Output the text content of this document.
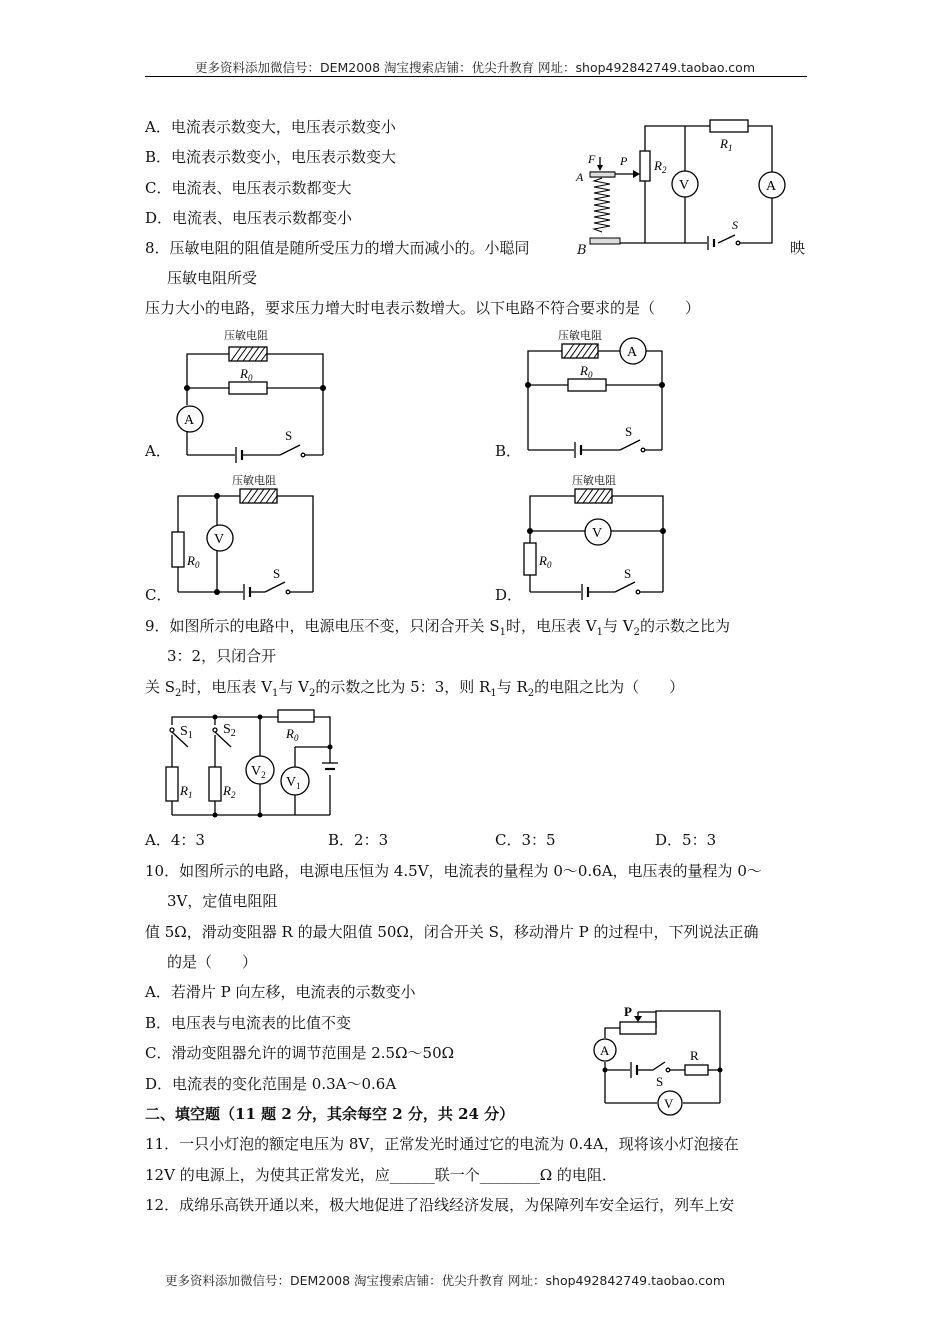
更多资料添加微信号：DEM2008 淘宝搜索店铺：优尖升教育 网址：shop492842749.taobao.com
A．电流表示数变大，电压表示数变小
B．电流表示数变小，电压表示数变大
C．电流表、电压表示数都变大
D．电流表、电压表示数都变小	S
$R_1$
$R_2$
V	A
F P
A
8．压敏电阻的阻值是随所受压力的增大而减小的。小聪同	映
B
压敏电阻所受
压力大小的电路，要求压力增大时电表示数增大。以下电路不符合要求的是（　　）
压敏电阻
$R_0$
A
S
A．
压敏电阻
A
$R_0$
S
B．
压敏电阻
V
$R_0$
S
C．
压敏电阻
V
$R_0$
S
D．
9．如图所示的电路中，电源电压不变，只闭合开关 $S_1$时，电压表 $V_1$与 $V_2$的示数之比为
3：2，只闭合开
关 $S_2$时，电压表 $V_1$与 $V_2$的示数之比为 5：3，则 $R_1$与 $R_2$的电阻之比为（　　）
$R_0$
$S_1$ $S_2$
$R_1$ $R_2$
$V_2$ $V_1$
A．4：3	B．2：3	C．3：5	D．5：3
10．如图所示的电路，电源电压恒为 4.5V，电流表的量程为 0～0.6A，电压表的量程为 0～
3V，定值电阻阻
值 5Ω，滑动变阻器 R 的最大阻值 50Ω，闭合开关 S，移动滑片 P 的过程中，下列说法正确
的是（　　）
A．若滑片 P 向左移，电流表的示数变小
B．电压表与电流表的比值不变
C．滑动变阻器允许的调节范围是 2.5Ω～50Ω
D．电流表的变化范围是 0.3A～0.6A
P
A
S
R
V
二、填空题（11 题 2 分，其余每空 2 分，共 24 分）
11．一只小灯泡的额定电压为 8V，正常发光时通过它的电流为 0.4A，现将该小灯泡接在
12V 的电源上，为使其正常发光，应______联一个________Ω 的电阻．
12．成绵乐高铁开通以来，极大地促进了沿线经济发展，为保障列车安全运行，列车上安
更多资料添加微信号：DEM2008 淘宝搜索店铺：优尖升教育 网址：shop492842749.taobao.com
